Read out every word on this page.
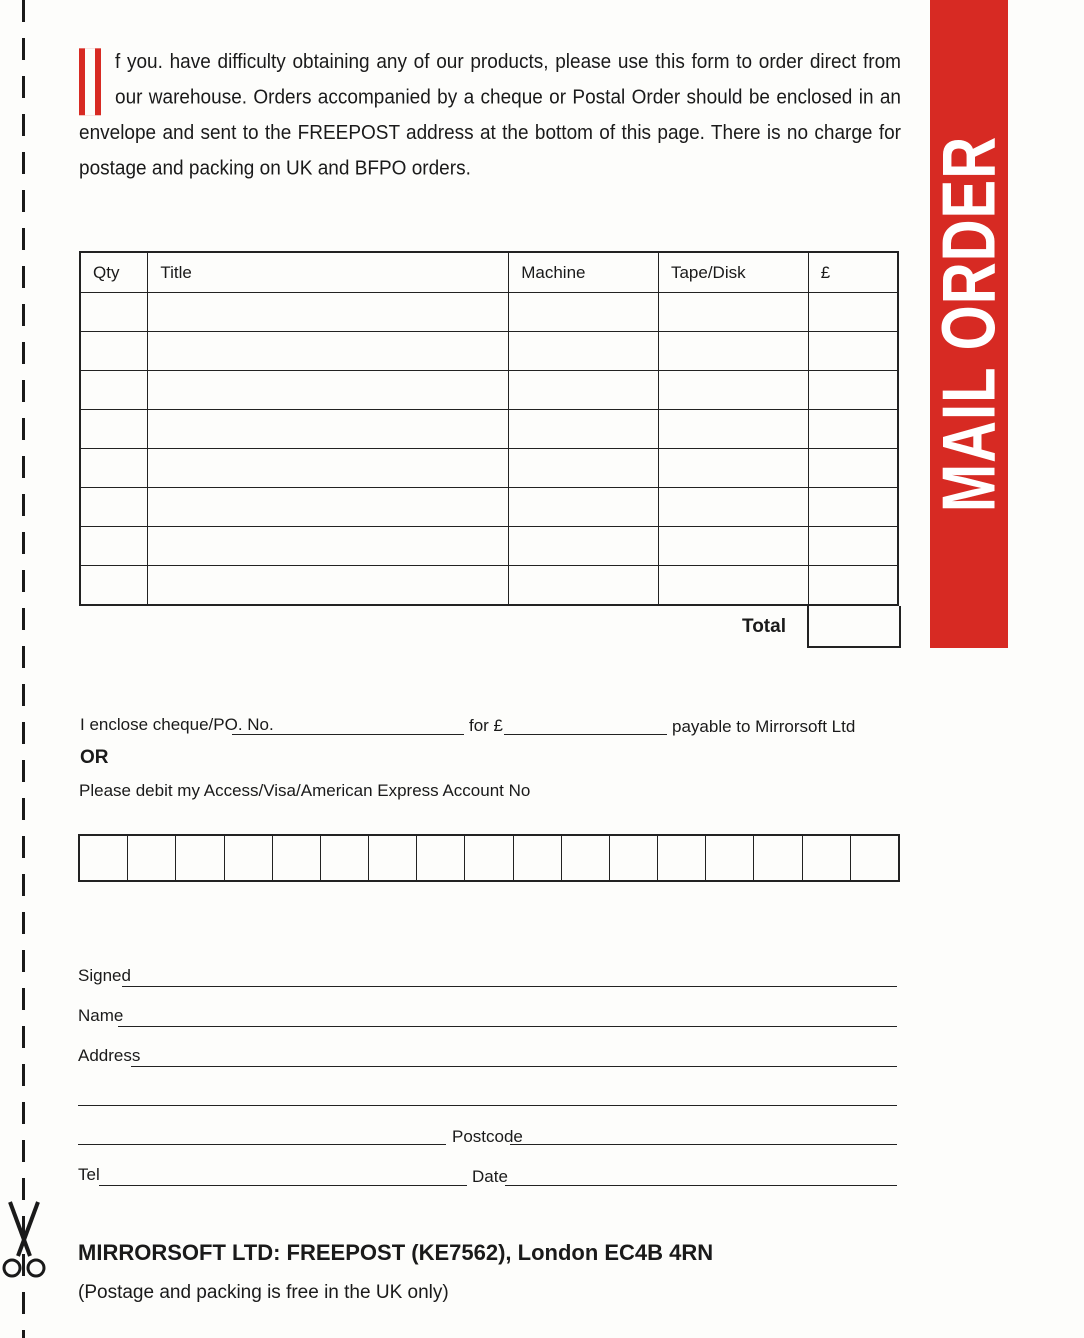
MAIL ORDER
f you. have difficulty obtaining any of our products, please use this form to order direct from our warehouse. Orders accompanied by a cheque or Postal Order should be enclosed in an envelope and sent to the FREEPOST address at the bottom of this page. There is no charge for postage and packing on UK and BFPO orders.
Qty	Title	Machine	Tape/Disk	£

Total
I enclose cheque/PO. No.	for £	payable to Mirrorsoft Ltd
OR
Please debit my Access/Visa/American Express Account No
Signed
Name
Address
Postcode
Tel	Date
MIRRORSOFT LTD: FREEPOST (KE7562), London EC4B 4RN
(Postage and packing is free in the UK only)
